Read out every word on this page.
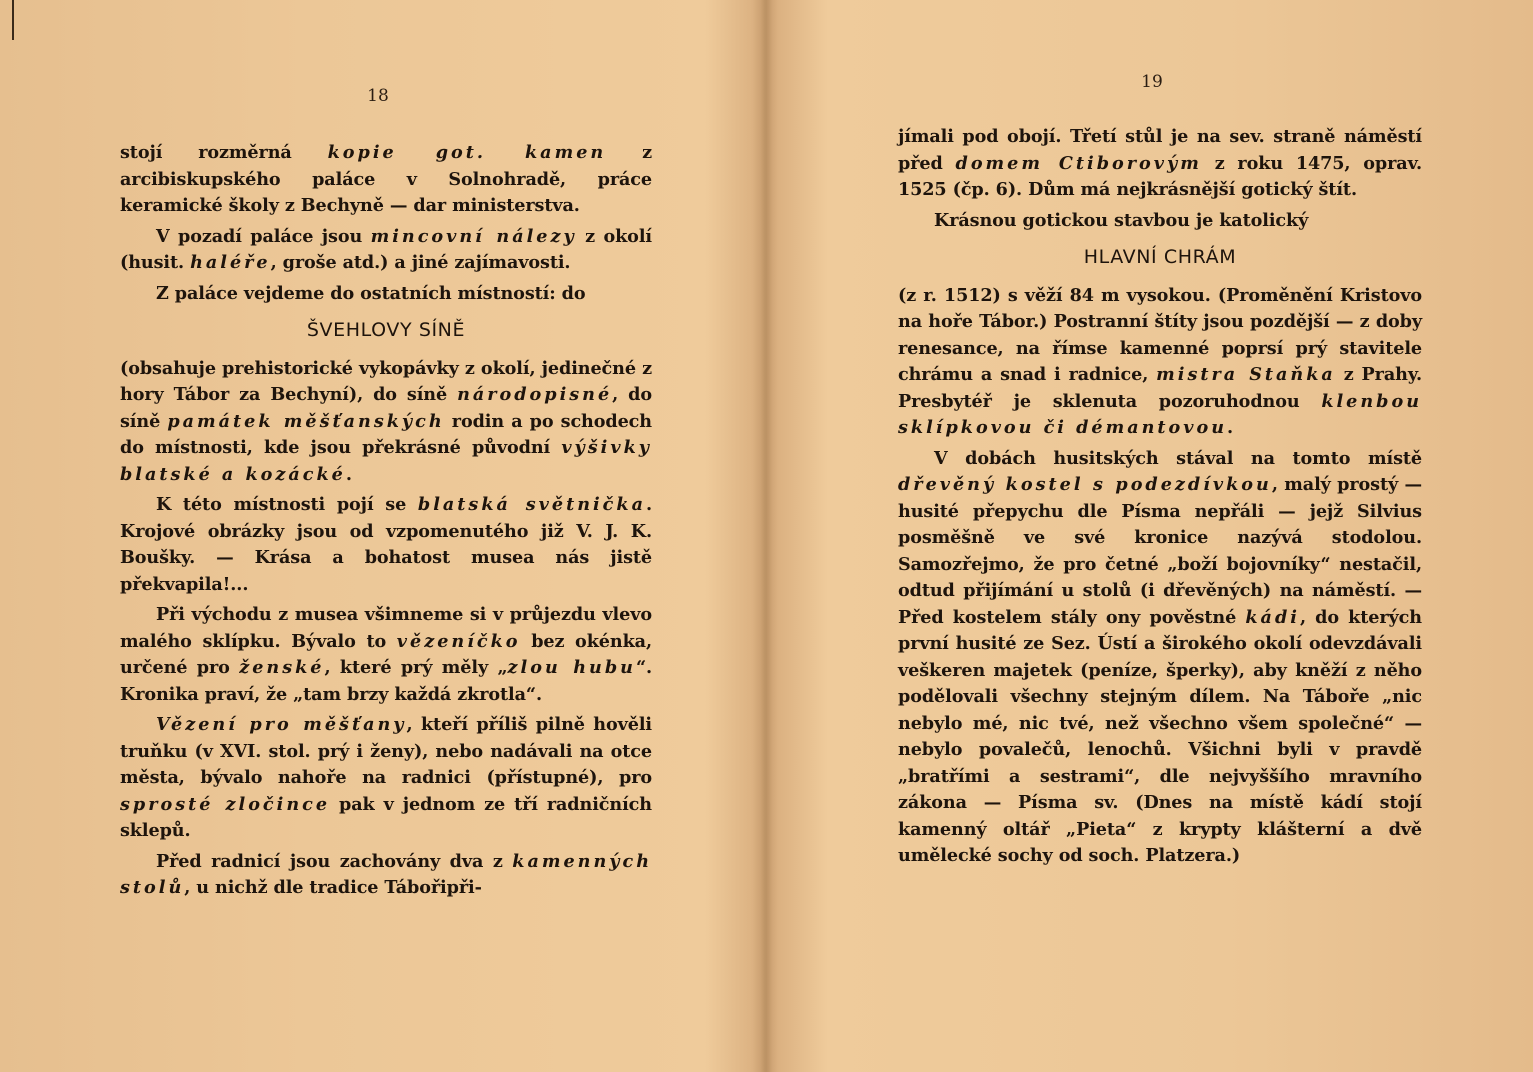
18

stojí rozměrná kopie got. kamen z arcibiskupského paláce v Solnohradě, práce keramické školy z Bechyně — dar ministerstva.

V pozadí paláce jsou mincovní nálezy z okolí (husit. haléře, groše atd.) a jiné zajímavosti.

Z paláce vejdeme do ostatních místností: do

ŠVEHLOVY SÍNĚ

(obsahuje prehistorické vykopávky z okolí, jedinečné z hory Tábor za Bechyní), do síně národopisné, do síně památek měšťanských rodin a po schodech do místnosti, kde jsou překrásné původní výšivky blatské a kozácké.

K této místnosti pojí se blatská světnička. Krojové obrázky jsou od vzpomenutého již V. J. K. Boušky. — Krása a bohatost musea nás jistě překvapila!...

Při východu z musea všimneme si v průjezdu vlevo malého sklípku. Bývalo to vězeníčko bez okénka, určené pro ženské, které prý měly „zlou hubu“. Kronika praví, že „tam brzy každá zkrotla“.

Vězení pro měšťany, kteří příliš pilně hověli truňku (v XVI. stol. prý i ženy), nebo nadávali na otce města, bývalo nahoře na radnici (přístupné), pro sprosté zločince pak v jednom ze tří radničních sklepů.

Před radnicí jsou zachovány dva z kamenných stolů, u nichž dle tradice Tábořipři-

19

jímali pod obojí. Třetí stůl je na sev. straně náměstí před domem Ctiborovým z roku 1475, oprav. 1525 (čp. 6). Dům má nejkrásnější gotický štít.

Krásnou gotickou stavbou je katolický

HLAVNÍ CHRÁM

(z r. 1512) s věží 84 m vysokou. (Proměnění Kristovo na hoře Tábor.) Postranní štíty jsou pozdější — z doby renesance, na římse kamenné poprsí prý stavitele chrámu a snad i radnice, mistra Staňka z Prahy. Presbytéř je sklenuta pozoruhodnou klenbou sklípkovou či démantovou.

V dobách husitských stával na tomto místě dřevěný kostel s podezdívkou, malý prostý — husité přepychu dle Písma nepřáli — jejž Silvius posměšně ve své kronice nazývá stodolou. Samozřejmo, že pro četné „boží bojovníky“ nestačil, odtud přijímání u stolů (i dřevěných) na náměstí. — Před kostelem stály ony pověstné kádi, do kterých první husité ze Sez. Ústí a širokého okolí odevzdávali veškeren majetek (peníze, šperky), aby kněží z něho podělovali všechny stejným dílem. Na Táboře „nic nebylo mé, nic tvé, než všechno všem společné“ — nebylo povalečů, lenochů. Všichni byli v pravdě „bratřími a sestrami“, dle nejvyššího mravního zákona — Písma sv. (Dnes na místě kádí stojí kamenný oltář „Pieta“ z krypty klášterní a dvě umělecké sochy od soch. Platzera.)
